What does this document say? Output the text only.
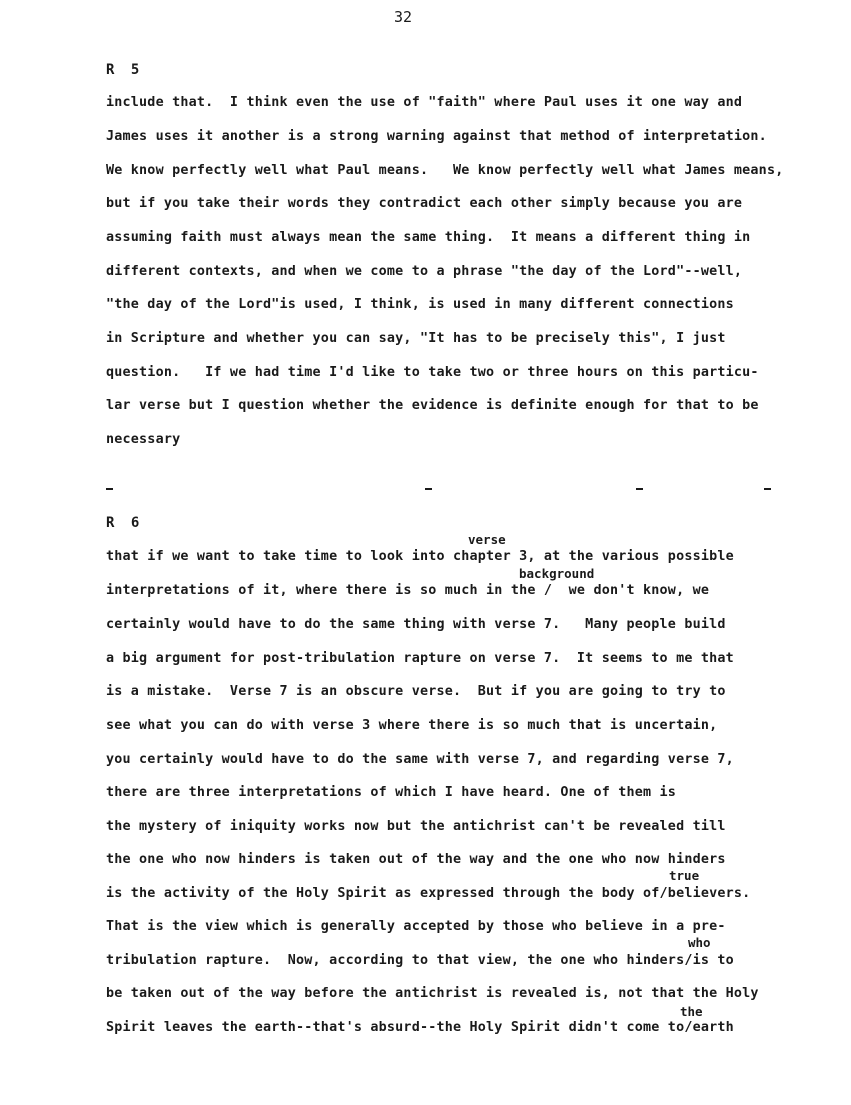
32
R 5
include that.  I think even the use of "faith" where Paul uses it one way and
James uses it another is a strong warning against that method of interpretation.
We know perfectly well what Paul means.   We know perfectly well what James means,
but if you take their words they contradict each other simply because you are
assuming faith must always mean the same thing.  It means a different thing in
different contexts, and when we come to a phrase "the day of the Lord"--well,
"the day of the Lord"is used, I think, is used in many different connections
in Scripture and whether you can say, "It has to be precisely this", I just
question.   If we had time I'd like to take two or three hours on this particu-
lar verse but I question whether the evidence is definite enough for that to be
necessary
R 6
verse
that if we want to take time to look into chapter 3, at the various possible
background
interpretations of it, where there is so much in the /  we don't know, we
certainly would have to do the same thing with verse 7.   Many people build
a big argument for post-tribulation rapture on verse 7.  It seems to me that
is a mistake.  Verse 7 is an obscure verse.  But if you are going to try to
see what you can do with verse 3 where there is so much that is uncertain,
you certainly would have to do the same with verse 7, and regarding verse 7,
there are three interpretations of which I have heard. One of them is
the mystery of iniquity works now but the antichrist can't be revealed till
the one who now hinders is taken out of the way and the one who now hinders
true
is the activity of the Holy Spirit as expressed through the body of/believers.
That is the view which is generally accepted by those who believe in a pre-
who
tribulation rapture.  Now, according to that view, the one who hinders/is to
be taken out of the way before the antichrist is revealed is, not that the Holy
the
Spirit leaves the earth--that's absurd--the Holy Spirit didn't come to/earth
